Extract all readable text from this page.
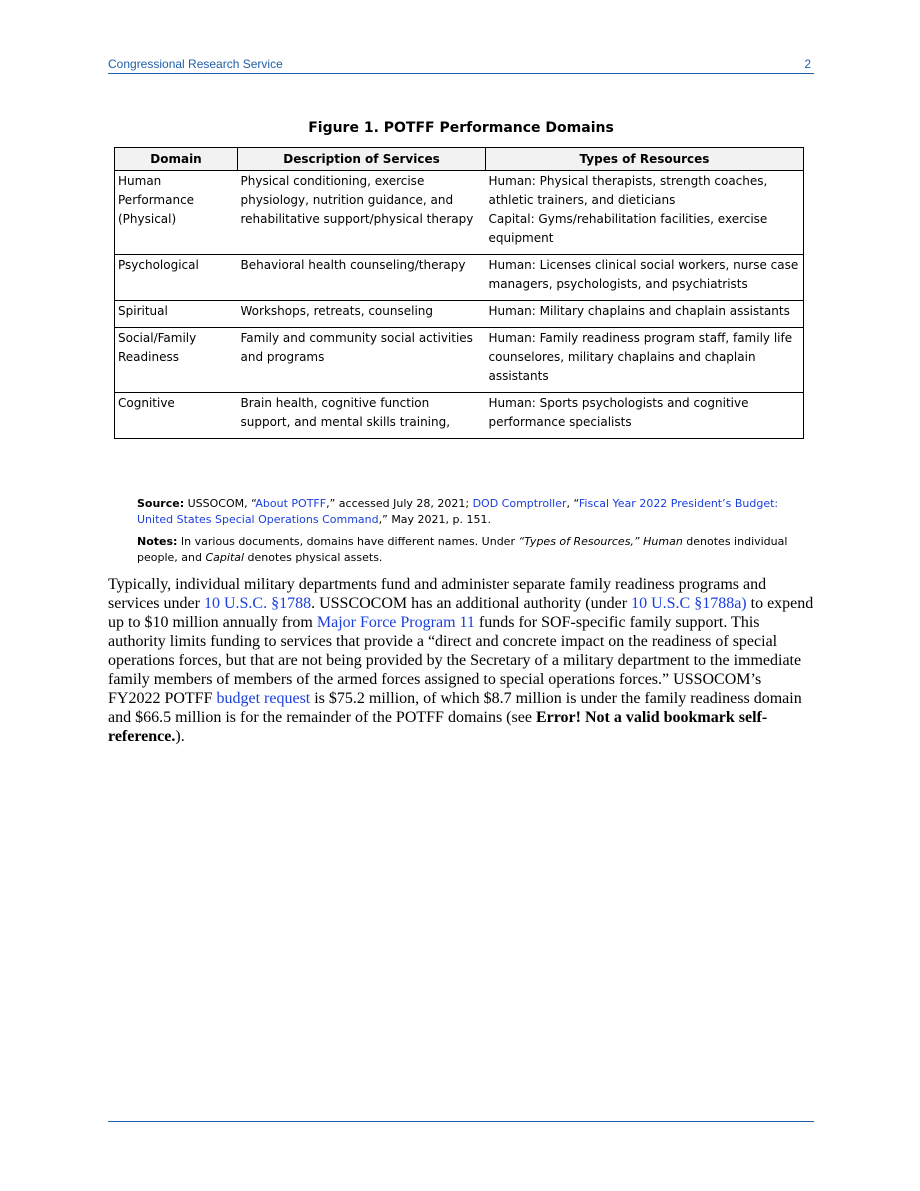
Congressional Research Service	2
Figure 1. POTFF Performance Domains
Domain	Description of Services	Types of Resources
Human Performance (Physical)	Physical conditioning, exercise physiology, nutrition guidance, and rehabilitative support/physical therapy	Human: Physical therapists, strength coaches, athletic trainers, and dieticians
Capital: Gyms/rehabilitation facilities, exercise equipment

Psychological	Behavioral health counseling/therapy	Human: Licenses clinical social workers, nurse case managers, psychologists, and psychiatrists

Spiritual	Workshops, retreats, counseling	Human: Military chaplains and chaplain assistants

Social/Family Readiness	Family and community social activities and programs	Human: Family readiness program staff, family life counselores, military chaplains and chaplain assistants

Cognitive	Brain health, cognitive function support, and mental skills training,	Human: Sports psychologists and cognitive performance specialists

Source: USSOCOM, “About POTFF,” accessed July 28, 2021; DOD Comptroller, “Fiscal Year 2022 President’s Budget: United States Special Operations Command,” May 2021, p. 151.

Notes: In various documents, domains have different names. Under “Types of Resources,” Human denotes individual people, and Capital denotes physical assets.

Typically, individual military departments fund and administer separate family readiness programs and services under 10 U.S.C. §1788. USSCOCOM has an additional authority (under 10 U.S.C §1788a) to expend up to $10 million annually from Major Force Program 11 funds for SOF-specific family support. This authority limits funding to services that provide a “direct and concrete impact on the readiness of special operations forces, but that are not being provided by the Secretary of a military department to the immediate family members of members of the armed forces assigned to special operations forces.” USSOCOM’s FY2022 POTFF budget request is $75.2 million, of which $8.7 million is under the family readiness domain and $66.5 million is for the remainder of the POTFF domains (see Error! Not a valid bookmark self-reference.).
